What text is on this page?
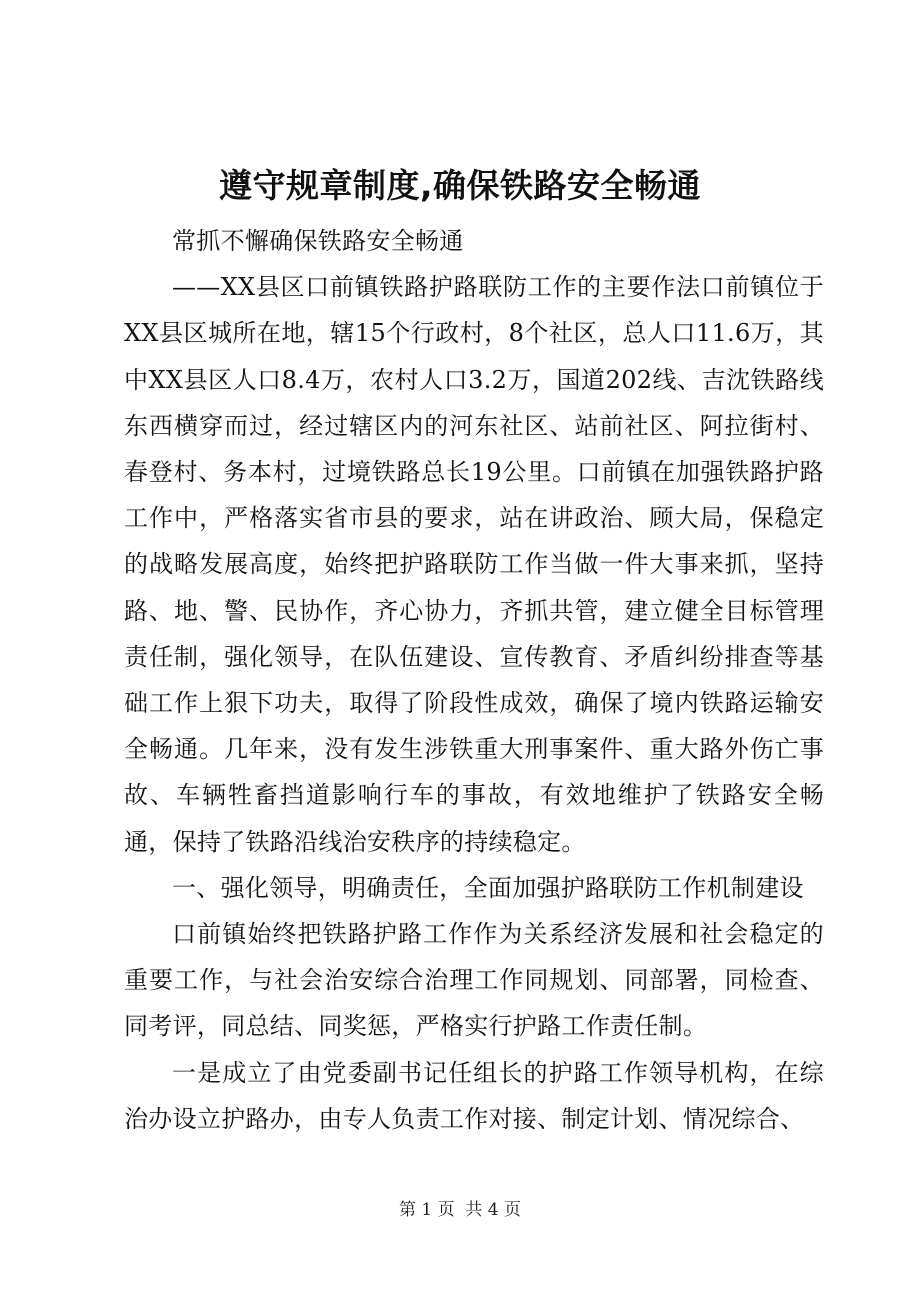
遵守规章制度,确保铁路安全畅通

常抓不懈确保铁路安全畅通

——XX县区口前镇铁路护路联防工作的主要作法口前镇位于XX县区城所在地，辖15个行政村，8个社区，总人口11.6万，其中XX县区人口8.4万，农村人口3.2万，国道202线、吉沈铁路线东西横穿而过，经过辖区内的河东社区、站前社区、阿拉街村、春登村、务本村，过境铁路总长19公里。口前镇在加强铁路护路工作中，严格落实省市县的要求，站在讲政治、顾大局，保稳定的战略发展高度，始终把护路联防工作当做一件大事来抓，坚持路、地、警、民协作，齐心协力，齐抓共管，建立健全目标管理责任制，强化领导，在队伍建设、宣传教育、矛盾纠纷排查等基础工作上狠下功夫，取得了阶段性成效，确保了境内铁路运输安全畅通。几年来，没有发生涉铁重大刑事案件、重大路外伤亡事故、车辆牲畜挡道影响行车的事故，有效地维护了铁路安全畅通，保持了铁路沿线治安秩序的持续稳定。

一、强化领导，明确责任，全面加强护路联防工作机制建设

口前镇始终把铁路护路工作作为关系经济发展和社会稳定的重要工作，与社会治安综合治理工作同规划、同部署，同检查、同考评，同总结、同奖惩，严格实行护路工作责任制。

一是成立了由党委副书记任组长的护路工作领导机构，在综治办设立护路办，由专人负责工作对接、制定计划、情况综合、

第 1 页  共 4 页
